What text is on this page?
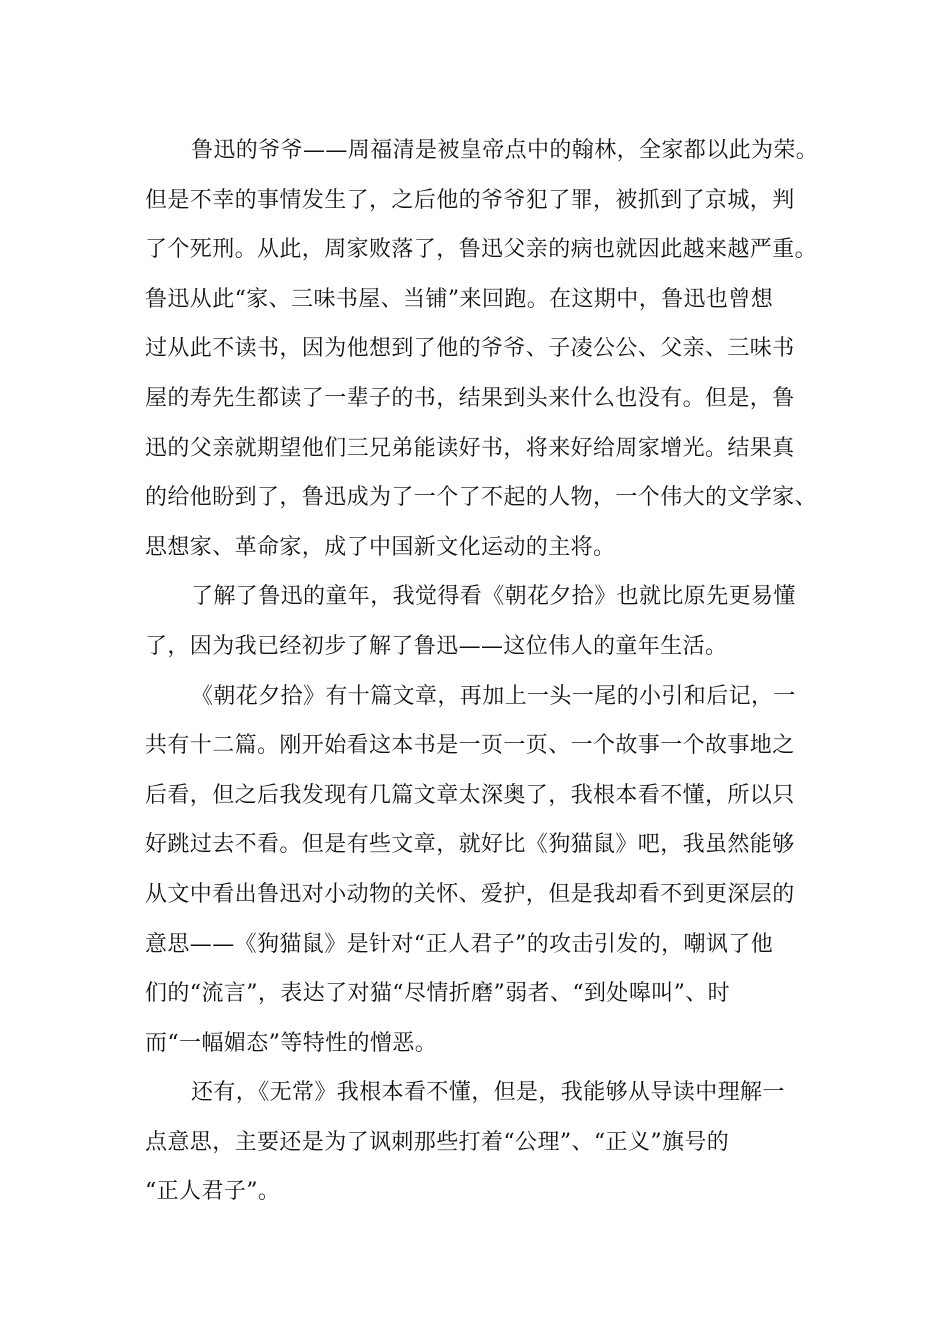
鲁迅的爷爷——周福清是被皇帝点中的翰林，全家都以此为荣。
但是不幸的事情发生了，之后他的爷爷犯了罪，被抓到了京城，判
了个死刑。从此，周家败落了，鲁迅父亲的病也就因此越来越严重。
鲁迅从此“家、三味书屋、当铺”来回跑。在这期中，鲁迅也曾想
过从此不读书，因为他想到了他的爷爷、子凌公公、父亲、三味书
屋的寿先生都读了一辈子的书，结果到头来什么也没有。但是，鲁
迅的父亲就期望他们三兄弟能读好书，将来好给周家增光。结果真
的给他盼到了，鲁迅成为了一个了不起的人物，一个伟大的文学家、
思想家、革命家，成了中国新文化运动的主将。
了解了鲁迅的童年，我觉得看《朝花夕拾》也就比原先更易懂
了，因为我已经初步了解了鲁迅——这位伟人的童年生活。
《朝花夕拾》有十篇文章，再加上一头一尾的小引和后记，一
共有十二篇。刚开始看这本书是一页一页、一个故事一个故事地之
后看，但之后我发现有几篇文章太深奥了，我根本看不懂，所以只
好跳过去不看。但是有些文章，就好比《狗猫鼠》吧，我虽然能够
从文中看出鲁迅对小动物的关怀、爱护，但是我却看不到更深层的
意思——《狗猫鼠》是针对“正人君子”的攻击引发的，嘲讽了他
们的“流言”，表达了对猫“尽情折磨”弱者、“到处嗥叫”、时
而“一幅媚态”等特性的憎恶。
还有，《无常》我根本看不懂，但是，我能够从导读中理解一
点意思，主要还是为了讽刺那些打着“公理”、“正义”旗号的
“正人君子”。
